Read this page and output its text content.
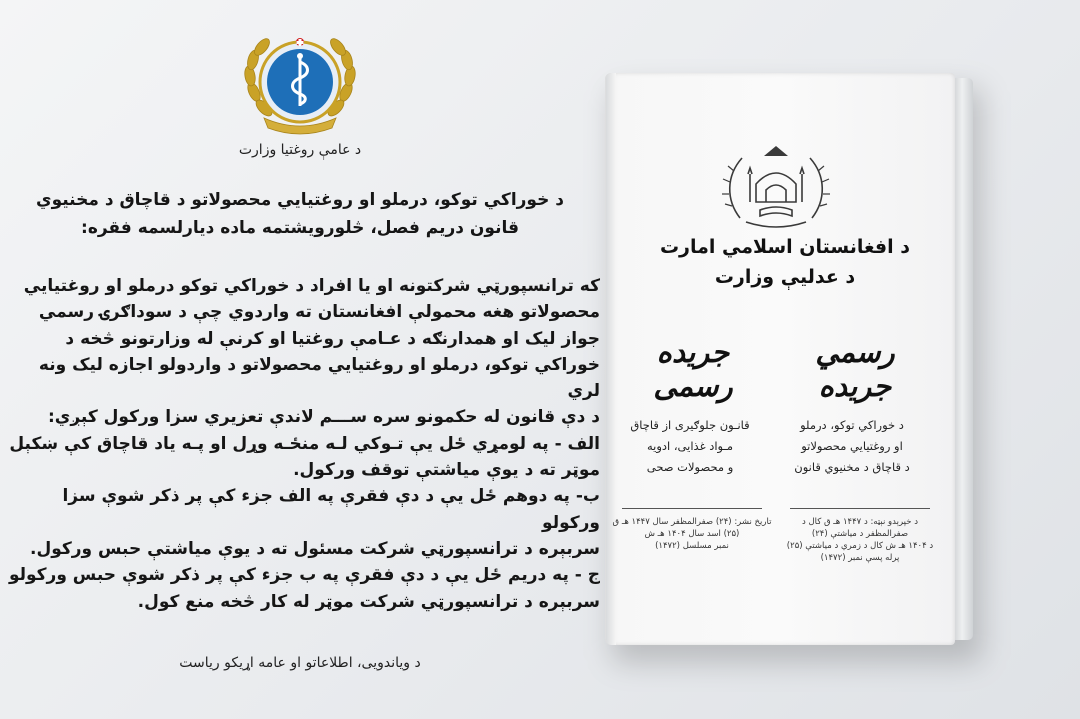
د عامې روغتیا وزارت
د خوراکي توکو، درملو او روغتیایي محصولاتو د قاچاق د مخنیوي
قانون دریم فصل، څلورویشتمه ماده دیارلسمه فقره:

که ترانسپورټي شرکتونه او یا افراد د خوراکي توکو درملو او روغتیایي

محصولاتو هغه محمولې افغانستان ته واردوي چې د سوداګرۍ رسمي

جواز لیک او همدارنګه د عـامې روغتیا او کرنې له وزارتونو څخه د

خوراکي توکو، درملو او روغتیایي محصولاتو د واردولو اجازه لیک ونه لري

د دې قانون له حکمونو سره ســـم لاندې تعزیري سزا ورکول کېږي:

الف - په لومړي ځل یې تـوکي لـه منځـه وړل او پـه یاد قاچاق کې ښکېل

موټر ته د یوې میاشتې توقف ورکول.

ب- په دوهم ځل یې د دې فقرې په الف جزء کې پر ذکر شوې سزا ورکولو

سربېره د ترانسپورټي شرکت مسئول ته د یوې میاشتې حبس ورکول.

ج - په دریم ځل یې د دې فقرې په ب جزء کې پر ذکر شوې حبس ورکولو

سربېره د ترانسپورټي شرکت موټر له کار څخه منع کول.

د ویاندویی، اطلاعاتو او عامه اړیکو ریاست
د افغانستان اسلامي امارت
د عدلیې وزارت
جریده رسمی
رسمي جریده
قانـون جلوګیری از قاچاق
مـواد غذایی، ادویه
و محصولات صحی
د خوراکي توکو، درملو
او روغتیایي محصولاتو
د قاچاق د مخنیوي قانون
تاریخ نشر: (۲۴) صفرالمظفر سال ۱۴۴۷ هـ ق
(۲۵) اسد سال ۱۴۰۴ هـ ش
نمبر مسلسل (۱۴۷۲)
د خپرېدو نېټه: د ۱۴۴۷ هـ ق کال د صفرالمظفر د میاشتې (۲۴)
د ۱۴۰۴ هـ ش کال د زمري د میاشتې (۲۵)
پرله پسې نمبر (۱۴۷۲)
